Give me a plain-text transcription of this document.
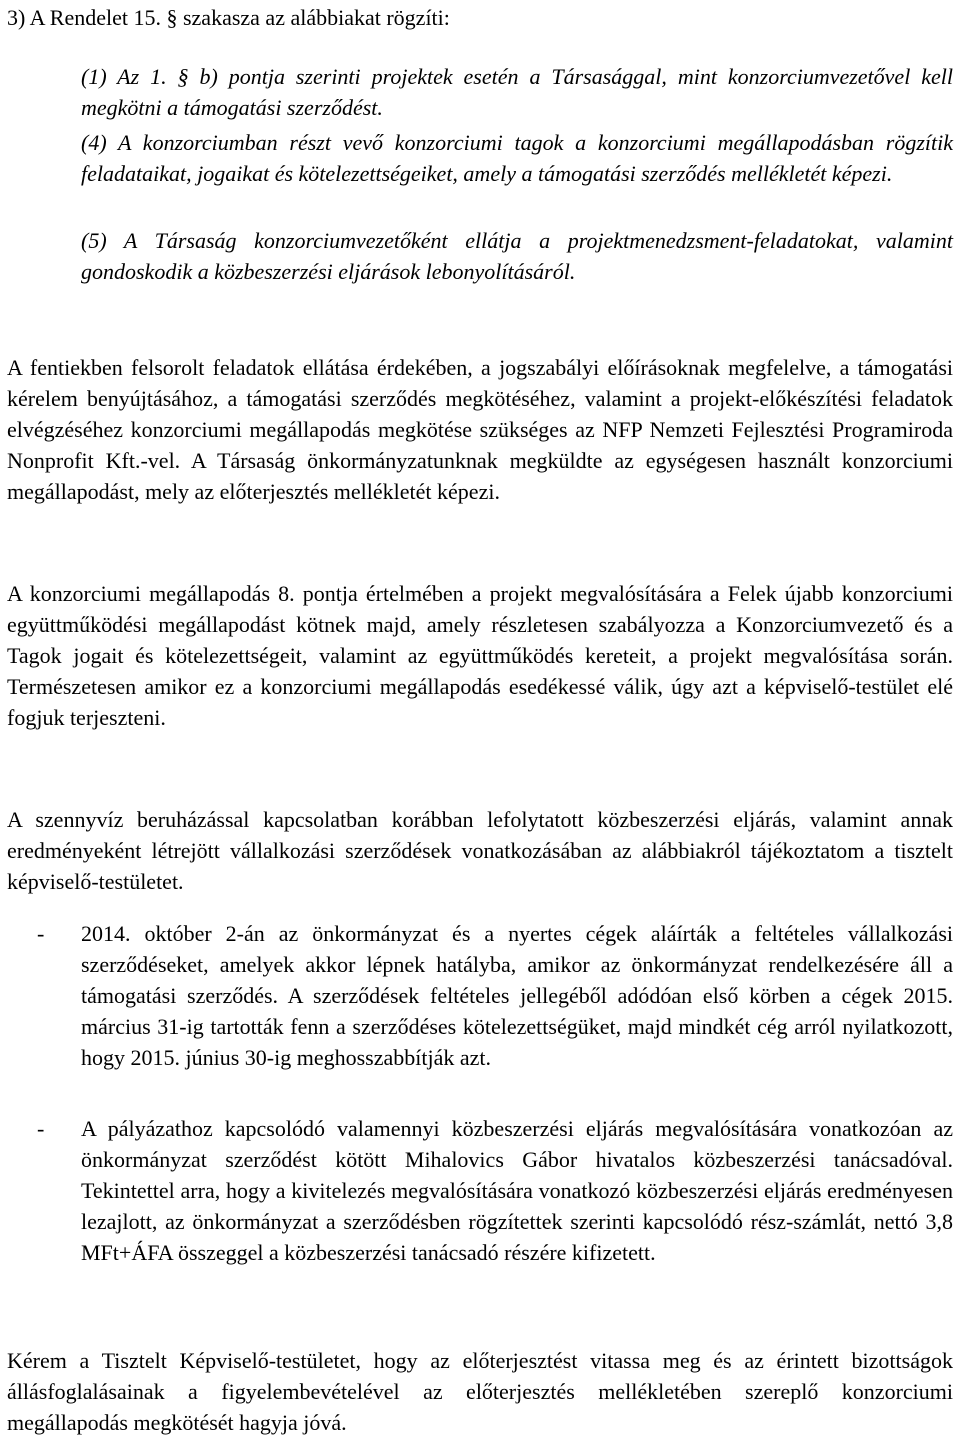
3) A Rendelet 15. § szakasza az alábbiakat rögzíti:

(1) Az 1. § b) pontja szerinti projektek esetén a Társasággal, mint konzorciumvezetővel kell megkötni a támogatási szerződést.

(4) A konzorciumban részt vevő konzorciumi tagok a konzorciumi megállapodásban rögzítik feladataikat, jogaikat és kötelezettségeiket, amely a támogatási szerződés mellékletét képezi.

(5) A Társaság konzorciumvezetőként ellátja a projektmenedzsment-feladatokat, valamint gondoskodik a közbeszerzési eljárások lebonyolításáról.

A fentiekben felsorolt feladatok ellátása érdekében, a jogszabályi előírásoknak megfelelve, a támogatási kérelem benyújtásához, a támogatási szerződés megkötéséhez, valamint a projekt-előkészítési feladatok elvégzéséhez konzorciumi megállapodás megkötése szükséges az NFP Nemzeti Fejlesztési Programiroda Nonprofit Kft.-vel. A Társaság önkormányzatunknak megküldte az egységesen használt konzorciumi megállapodást, mely az előterjesztés mellékletét képezi.

A konzorciumi megállapodás 8. pontja értelmében a projekt megvalósítására a Felek újabb konzorciumi együttműködési megállapodást kötnek majd, amely részletesen szabályozza a Konzorciumvezető és a Tagok jogait és kötelezettségeit, valamint az együttműködés kereteit, a projekt megvalósítása során. Természetesen amikor ez a konzorciumi megállapodás esedékessé válik, úgy azt a képviselő-testület elé fogjuk terjeszteni.

A szennyvíz beruházással kapcsolatban korábban lefolytatott közbeszerzési eljárás, valamint annak eredményeként létrejött vállalkozási szerződések vonatkozásában az alábbiakról tájékoztatom a tisztelt képviselő-testületet.

- 2014. október 2-án az önkormányzat és a nyertes cégek aláírták a feltételes vállalkozási szerződéseket, amelyek akkor lépnek hatályba, amikor az önkormányzat rendelkezésére áll a támogatási szerződés. A szerződések feltételes jellegéből adódóan első körben a cégek 2015. március 31-ig tartották fenn a szerződéses kötelezettségüket, majd mindkét cég arról nyilatkozott, hogy 2015. június 30-ig meghosszabbítják azt.

- A pályázathoz kapcsolódó valamennyi közbeszerzési eljárás megvalósítására vonatkozóan az önkormányzat szerződést kötött Mihalovics Gábor hivatalos közbeszerzési tanácsadóval. Tekintettel arra, hogy a kivitelezés megvalósítására vonatkozó közbeszerzési eljárás eredményesen lezajlott, az önkormányzat a szerződésben rögzítettek szerinti kapcsolódó rész-számlát, nettó 3,8 MFt+ÁFA összeggel a közbeszerzési tanácsadó részére kifizetett.

Kérem a Tisztelt Képviselő-testületet, hogy az előterjesztést vitassa meg és az érintett bizottságok állásfoglalásainak a figyelembevételével az előterjesztés mellékletében szereplő konzorciumi megállapodás megkötését hagyja jóvá.
